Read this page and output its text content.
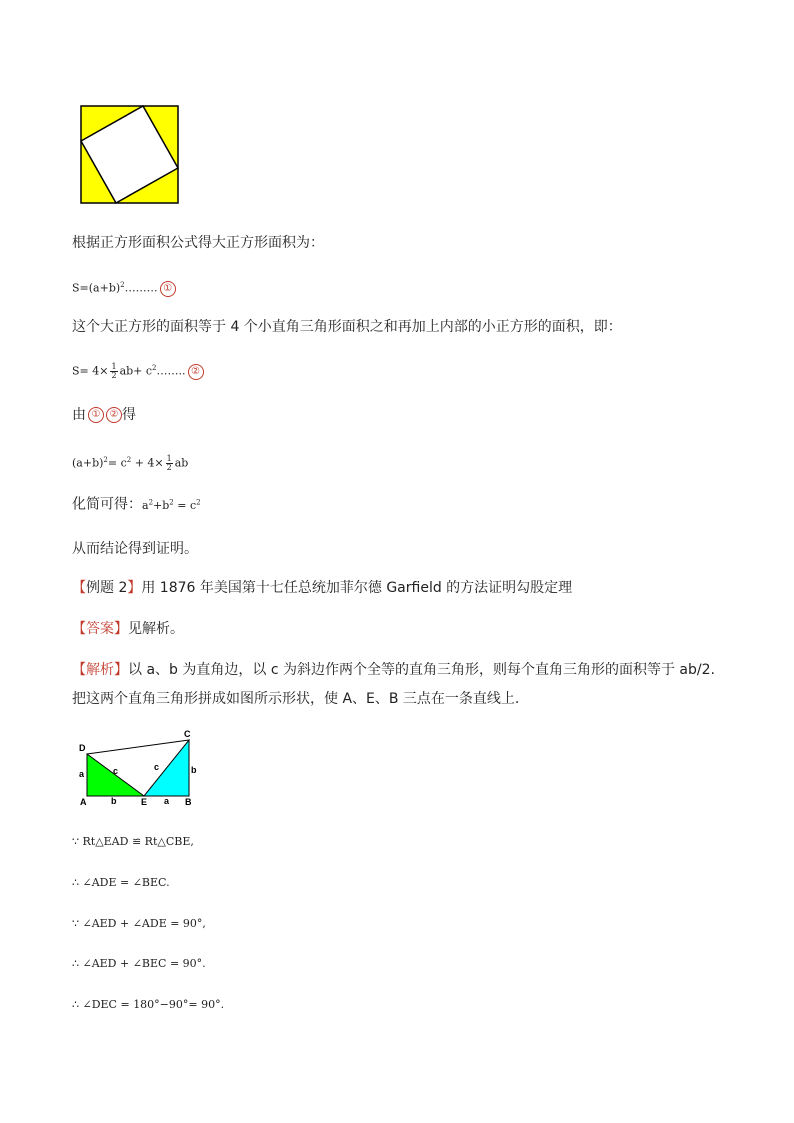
根据正方形面积公式得大正方形面积为：
$S=(a+b)^2\dots\dots\dots$ ①
这个大正方形的面积等于 4 个小直角三角形面积之和再加上内部的小正方形的面积，即：
$S= 4\times \frac{1}{2} ab+$ $c^2\dots\dots$.. ②
由 ① ② 得
$(a+b)^2= c^2 + 4\times \frac{1}{2}$ ab
化简可得：$a^2+b^2 = c^2$
从而结论得到证明。
【例题 2】用 1876 年美国第十七任总统加菲尔德 Garfield 的方法证明勾股定理
【答案】见解析。
【解析】以 a、b 为直角边，以 c 为斜边作两个全等的直角三角形，则每个直角三角形的面积等于 ab/2.
把这两个直角三角形拼成如图所示形状，使 A、E、B 三点在一条直线上.
D
C
A	E	B
a	c	c	b
b	a
∵ Rt△EAD ≌ Rt△CBE,
∴ ∠ADE = ∠BEC.
∵ ∠AED + ∠ADE = 90°,
∴ ∠AED + ∠BEC = 90°.
∴ ∠DEC = 180°−90°= 90°.
